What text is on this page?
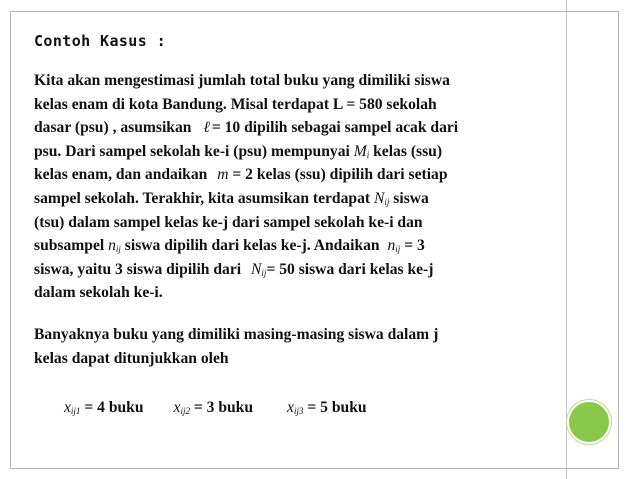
Contoh Kasus :
Kita akan mengestimasi jumlah total buku yang dimiliki siswa
kelas enam di kota Bandung. Misal terdapat L = 580 sekolah
dasar (psu) , asumsikan ℓ = 10 dipilih sebagai sampel acak dari
psu. Dari sampel sekolah ke-i (psu) mempunyai $M_i$ kelas (ssu)
kelas enam, dan andaikan m = 2 kelas (ssu) dipilih dari setiap
sampel sekolah. Terakhir, kita asumsikan terdapat $N_{ij}$ siswa
(tsu) dalam sampel kelas ke-j dari sampel sekolah ke-i dan
subsampel $n_{ij}$ siswa dipilih dari kelas ke-j. Andaikan $n_{ij} = 3$
siswa, yaitu 3 siswa dipilih dari $N_{ij}= 50$ siswa dari kelas ke-j
dalam sekolah ke-i.
Banyaknya buku yang dimiliki masing-masing siswa dalam j
kelas dapat ditunjukkan oleh
$x_{ij1} = 4$ buku $x_{ij2} = 3$ buku $x_{ij3} = 5$ buku
